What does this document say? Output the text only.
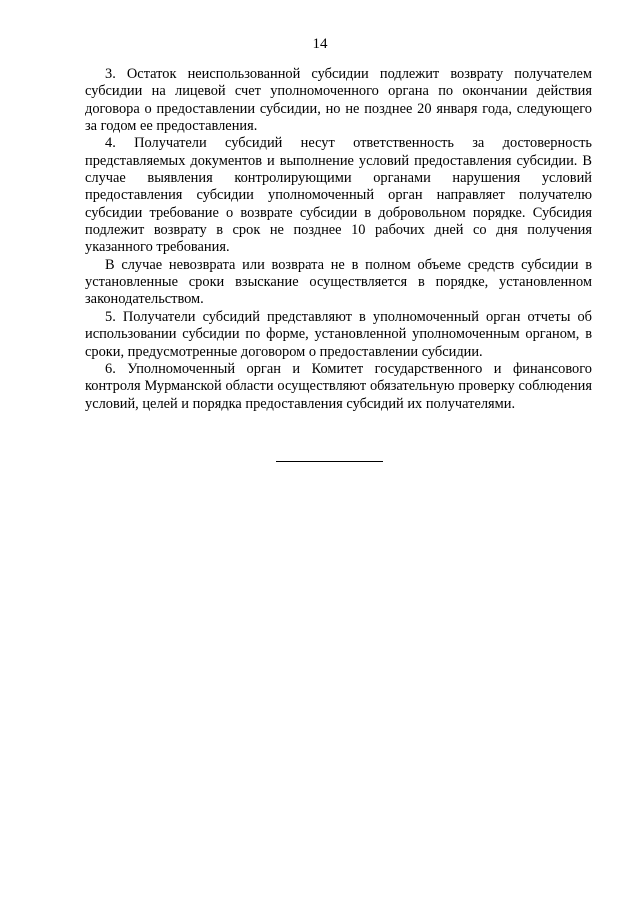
14

3. Остаток неиспользованной субсидии подлежит возврату получателем субсидии на лицевой счет уполномоченного органа по окончании действия договора о предоставлении субсидии, но не позднее 20 января года, следующего за годом ее предоставления.

4. Получатели субсидий несут ответственность за достоверность представляемых документов и выполнение условий предоставления субсидии. В случае выявления контролирующими органами нарушения условий предоставления субсидии уполномоченный орган направляет получателю субсидии требование о возврате субсидии в добровольном порядке. Субсидия подлежит возврату в срок не позднее 10 рабочих дней со дня получения указанного требования.

В случае невозврата или возврата не в полном объеме средств субсидии в установленные сроки взыскание осуществляется в порядке, установленном законодательством.

5. Получатели субсидий представляют в уполномоченный орган отчеты об использовании субсидии по форме, установленной уполномоченным органом, в сроки, предусмотренные договором о предоставлении субсидии.

6. Уполномоченный орган и Комитет государственного и финансового контроля Мурманской области осуществляют обязательную проверку соблюдения условий, целей и порядка предоставления субсидий их получателями.
